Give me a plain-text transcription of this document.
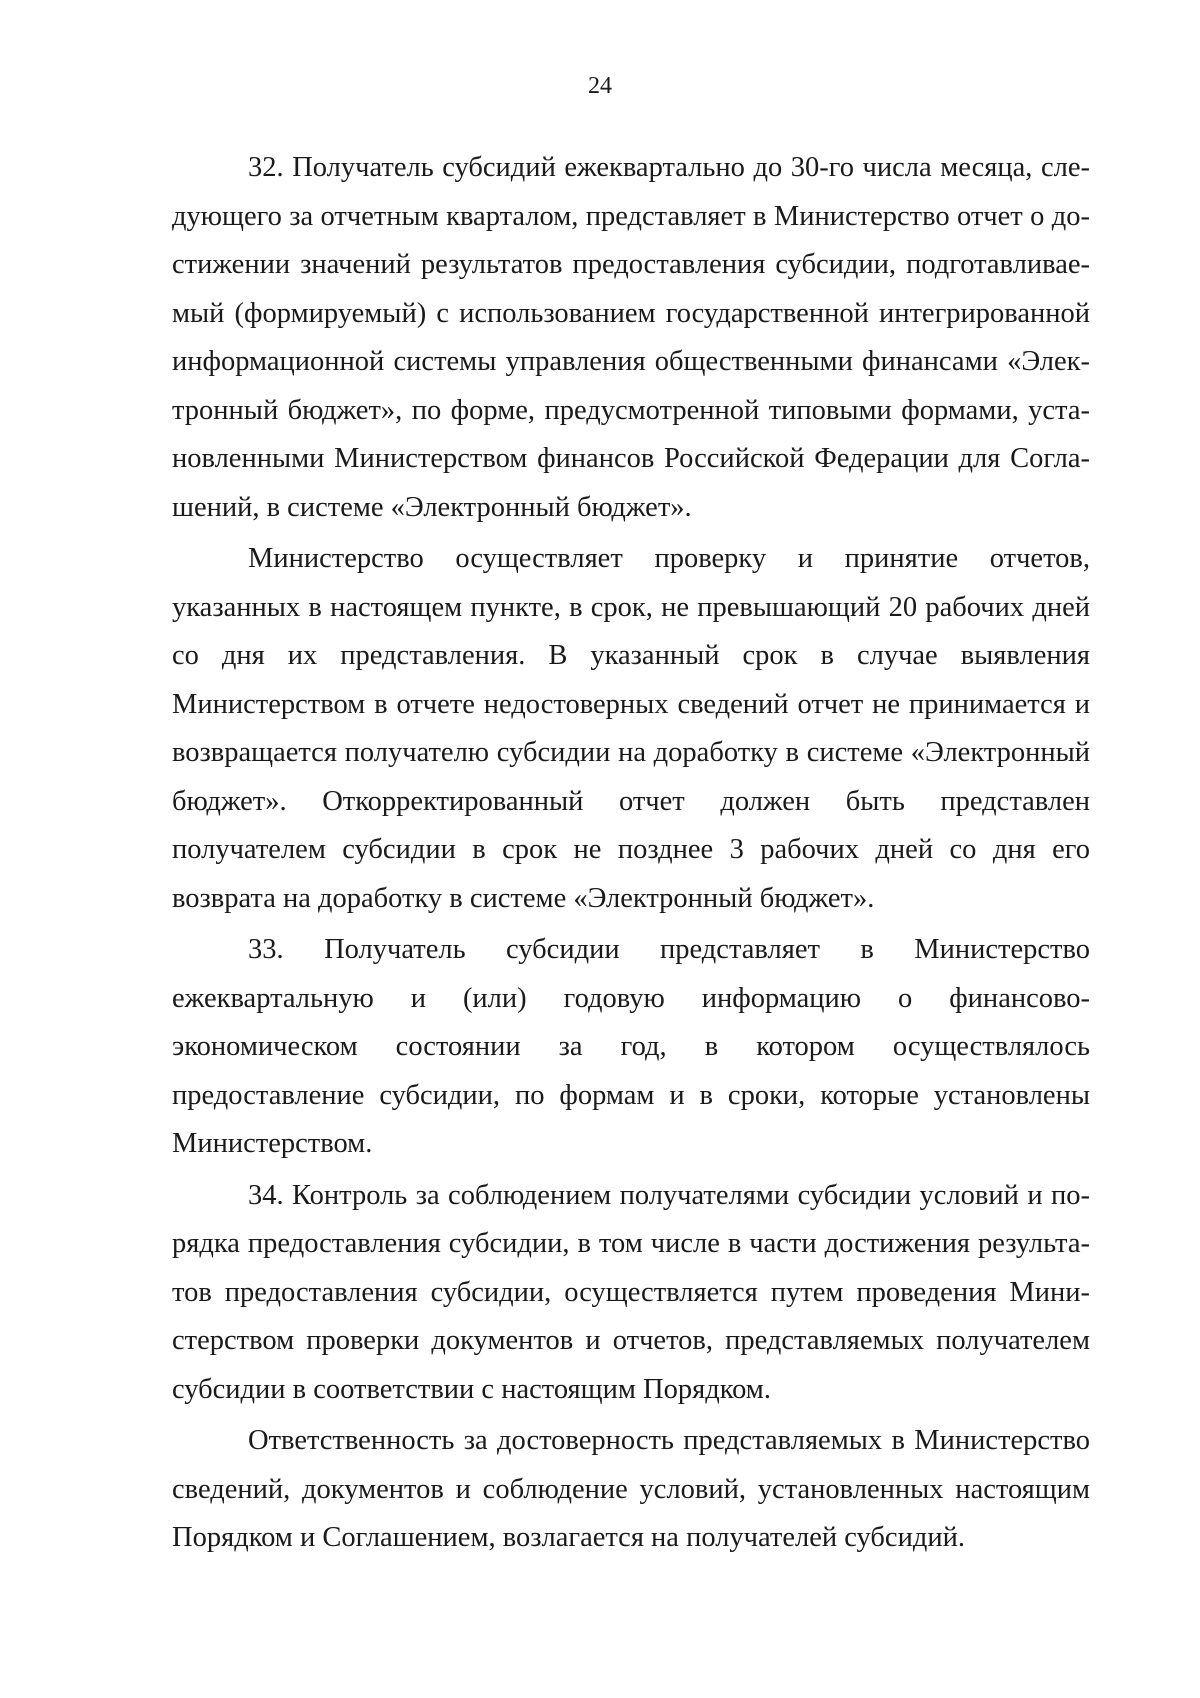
24

32. Получатель субсидий ежеквартально до 30-го числа месяца, следующего за отчетным кварталом, представляет в Министерство отчет о достижении значений результатов предоставления субсидии, подготавливаемый (формируемый) с использованием государственной интегрированной информационной системы управления общественными финансами «Электронный бюджет», по форме, предусмотренной типовыми формами, установленными Министерством финансов Российской Федерации для Соглашений, в системе «Электронный бюджет».

Министерство осуществляет проверку и принятие отчетов, указанных в настоящем пункте, в срок, не превышающий 20 рабочих дней со дня их представления. В указанный срок в случае выявления Министерством в отчете недостоверных сведений отчет не принимается и возвращается получателю субсидии на доработку в системе «Электронный бюджет». Откорректированный отчет должен быть представлен получателем субсидии в срок не позднее 3 рабочих дней со дня его возврата на доработку в системе «Электронный бюджет».

33. Получатель субсидии представляет в Министерство ежеквартальную и (или) годовую информацию о финансово-экономическом состоянии за год, в котором осуществлялось предоставление субсидии, по формам и в сроки, которые установлены Министерством.

34. Контроль за соблюдением получателями субсидии условий и порядка предоставления субсидии, в том числе в части достижения результатов предоставления субсидии, осуществляется путем проведения Министерством проверки документов и отчетов, представляемых получателем субсидии в соответствии с настоящим Порядком.

Ответственность за достоверность представляемых в Министерство сведений, документов и соблюдение условий, установленных настоящим Порядком и Соглашением, возлагается на получателей субсидий.
